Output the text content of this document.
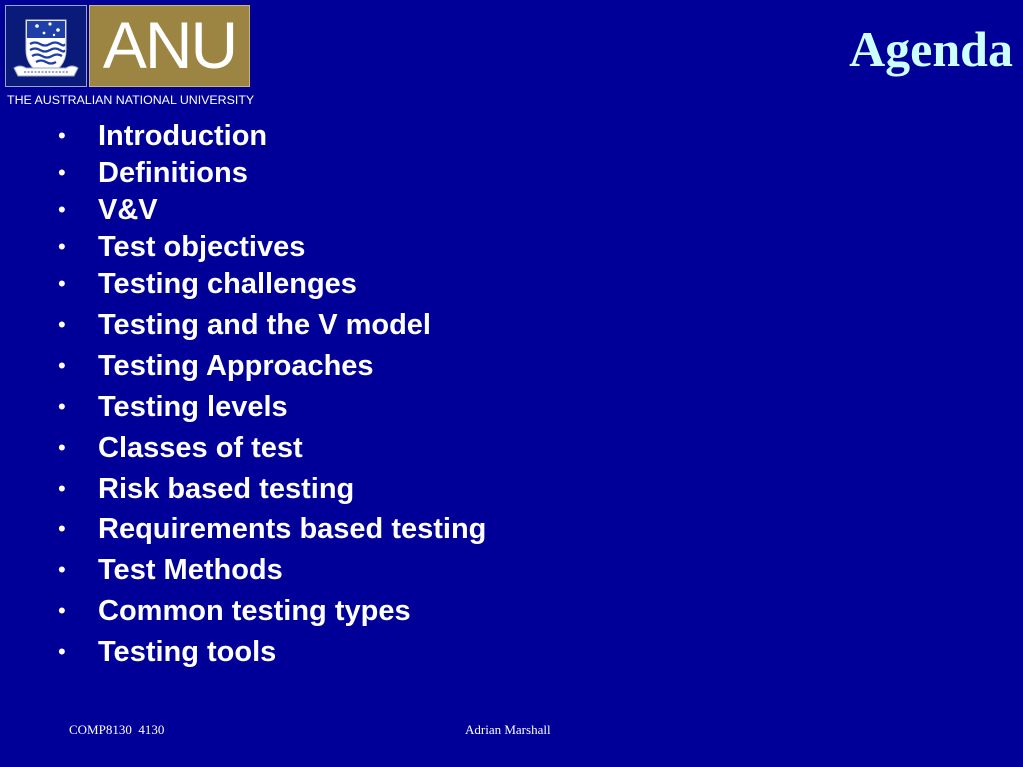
ANU
THE AUSTRALIAN NATIONAL UNIVERSITY
Agenda
•	Introduction
•	Definitions
•	V&V
•	Test objectives
•	Testing challenges
•	Testing and the V model
•	Testing Approaches
•	Testing levels
•	Classes of test
•	Risk based testing
•	Requirements based testing
•	Test Methods
•	Common testing types
•	Testing tools
COMP8130  4130	Adrian Marshall
